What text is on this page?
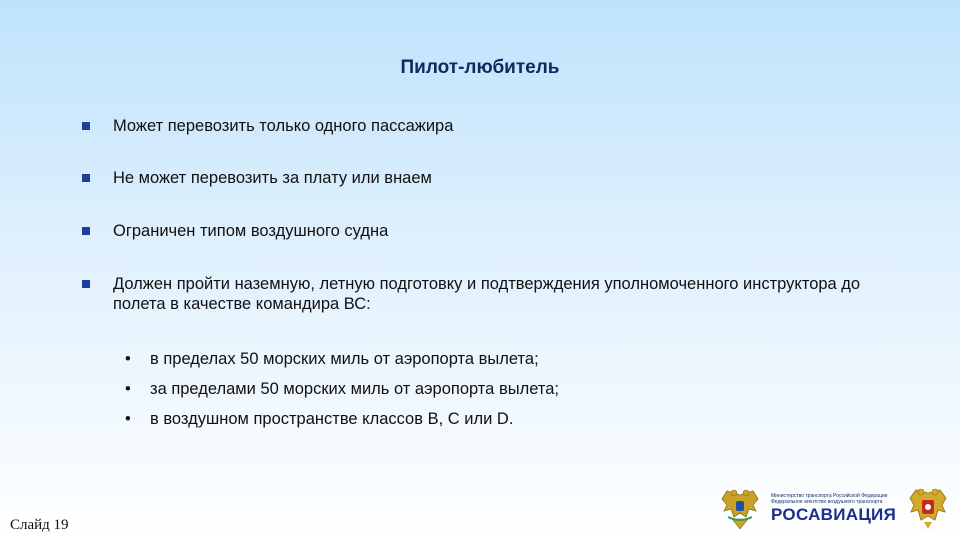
Пилот-любитель
Может перевозить только одного пассажира
Не может перевозить за плату или внаем
Ограничен типом воздушного судна
Должен пройти наземную, летную подготовку и подтверждения уполномоченного инструктора до полета в качестве командира ВС:
• в пределах 50 морских миль от аэропорта вылета;
• за пределами 50 морских миль от аэропорта вылета;
• в воздушном пространстве классов В, С или D.
Слайд 19
Министерство транспорта Российской Федерации
Федеральное агентство воздушного транспорта
РОСАВИАЦИЯ
